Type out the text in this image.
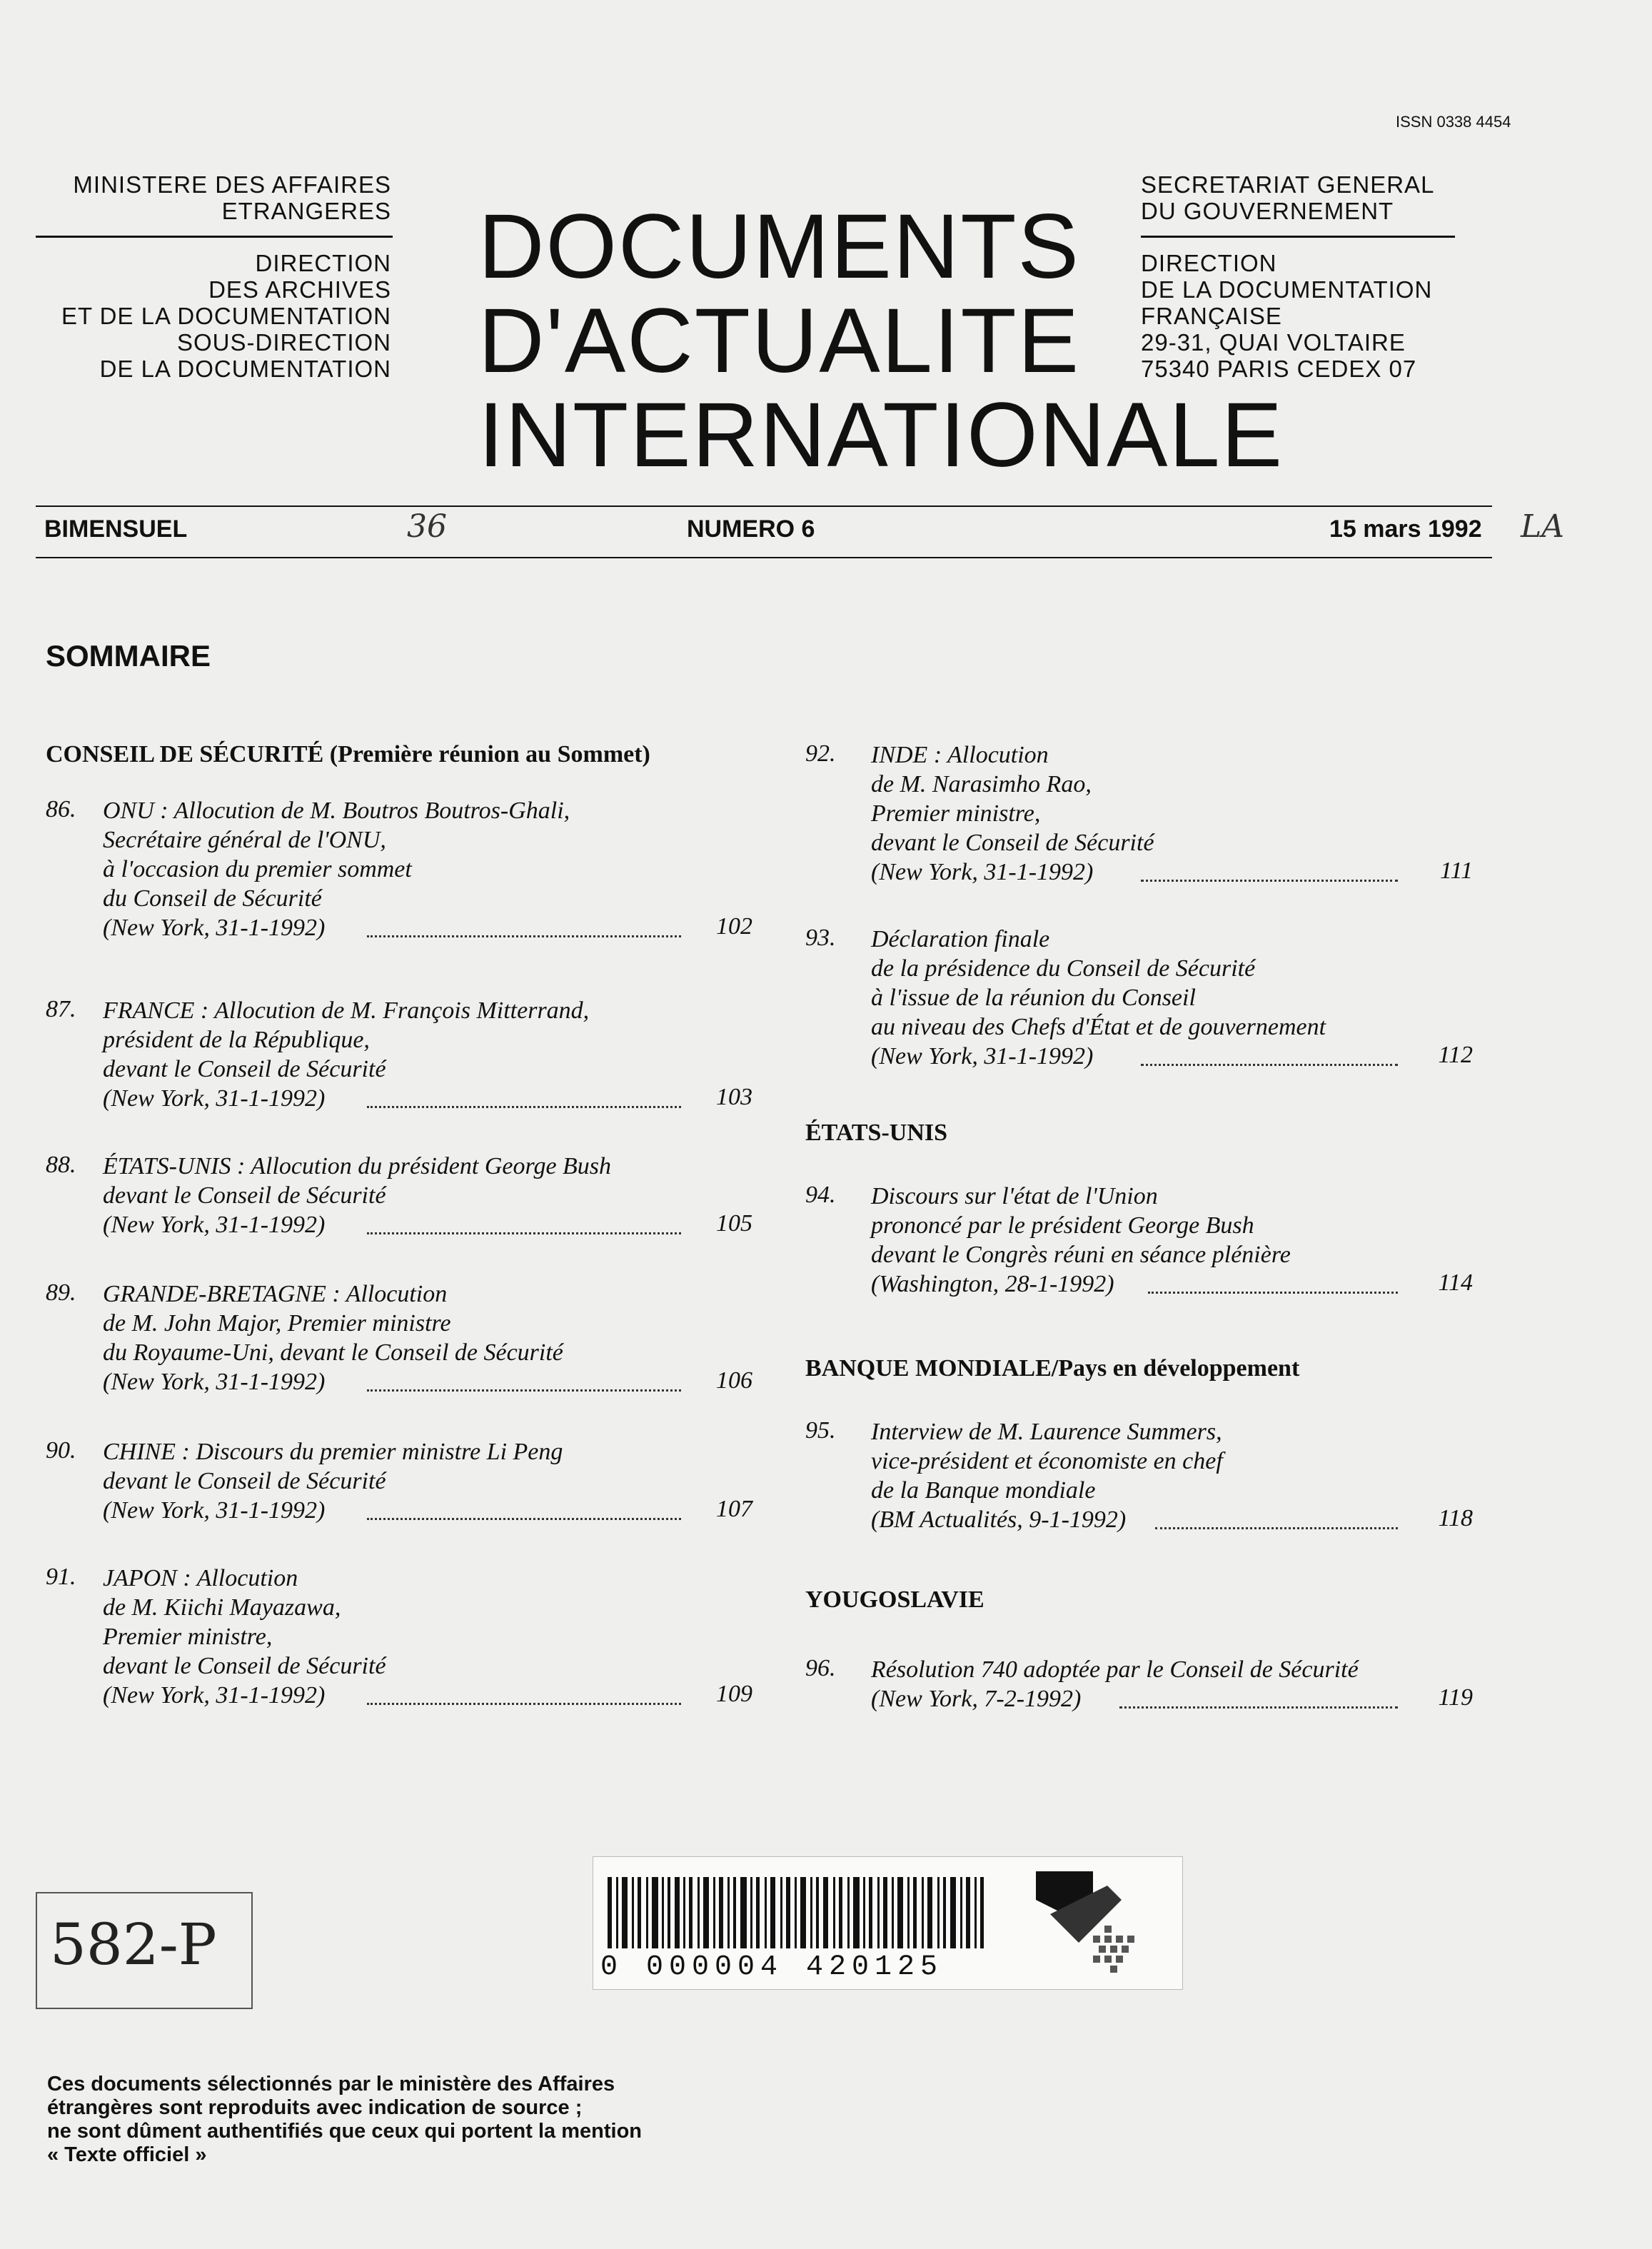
ISSN 0338 4454
MINISTERE DES AFFAIRES
ETRANGERES
DIRECTION
DES ARCHIVES
ET DE LA DOCUMENTATION
SOUS-DIRECTION
DE LA DOCUMENTATION
SECRETARIAT GENERAL
DU GOUVERNEMENT
DIRECTION
DE LA DOCUMENTATION
FRANÇAISE
29-31, QUAI VOLTAIRE
75340 PARIS CEDEX 07
DOCUMENTS
D'ACTUALITE
INTERNATIONALE
BIMENSUEL	36	NUMERO 6	15 mars 1992 LA
SOMMAIRE
CONSEIL DE SÉCURITÉ (Première réunion au Sommet)
86. ONU : Allocution de M. Boutros Boutros-Ghali,
Secrétaire général de l'ONU,
à l'occasion du premier sommet
du Conseil de Sécurité
(New York, 31-1-1992)	102
87. FRANCE : Allocution de M. François Mitterrand,
président de la République,
devant le Conseil de Sécurité
(New York, 31-1-1992)	103
88. ÉTATS-UNIS : Allocution du président George Bush
devant le Conseil de Sécurité
(New York, 31-1-1992)	105
89. GRANDE-BRETAGNE : Allocution
de M. John Major, Premier ministre
du Royaume-Uni, devant le Conseil de Sécurité
(New York, 31-1-1992)	106
90. CHINE : Discours du premier ministre Li Peng
devant le Conseil de Sécurité
(New York, 31-1-1992)	107
91. JAPON : Allocution
de M. Kiichi Mayazawa,
Premier ministre,
devant le Conseil de Sécurité
(New York, 31-1-1992)	109
92. INDE : Allocution
de M. Narasimho Rao,
Premier ministre,
devant le Conseil de Sécurité
(New York, 31-1-1992)	111
93. Déclaration finale
de la présidence du Conseil de Sécurité
à l'issue de la réunion du Conseil
au niveau des Chefs d'État et de gouvernement
(New York, 31-1-1992)	112
ÉTATS-UNIS
94. Discours sur l'état de l'Union
prononcé par le président George Bush
devant le Congrès réuni en séance plénière
(Washington, 28-1-1992)	114
BANQUE MONDIALE/Pays en développement
95. Interview de M. Laurence Summers,
vice-président et économiste en chef
de la Banque mondiale
(BM Actualités, 9-1-1992)	118
YOUGOSLAVIE
96. Résolution 740 adoptée par le Conseil de Sécurité
(New York, 7-2-1992)	119
0 000004 420125
582-P
Ces documents sélectionnés par le ministère des Affaires
étrangères sont reproduits avec indication de source ;
ne sont dûment authentifiés que ceux qui portent la mention
« Texte officiel »
